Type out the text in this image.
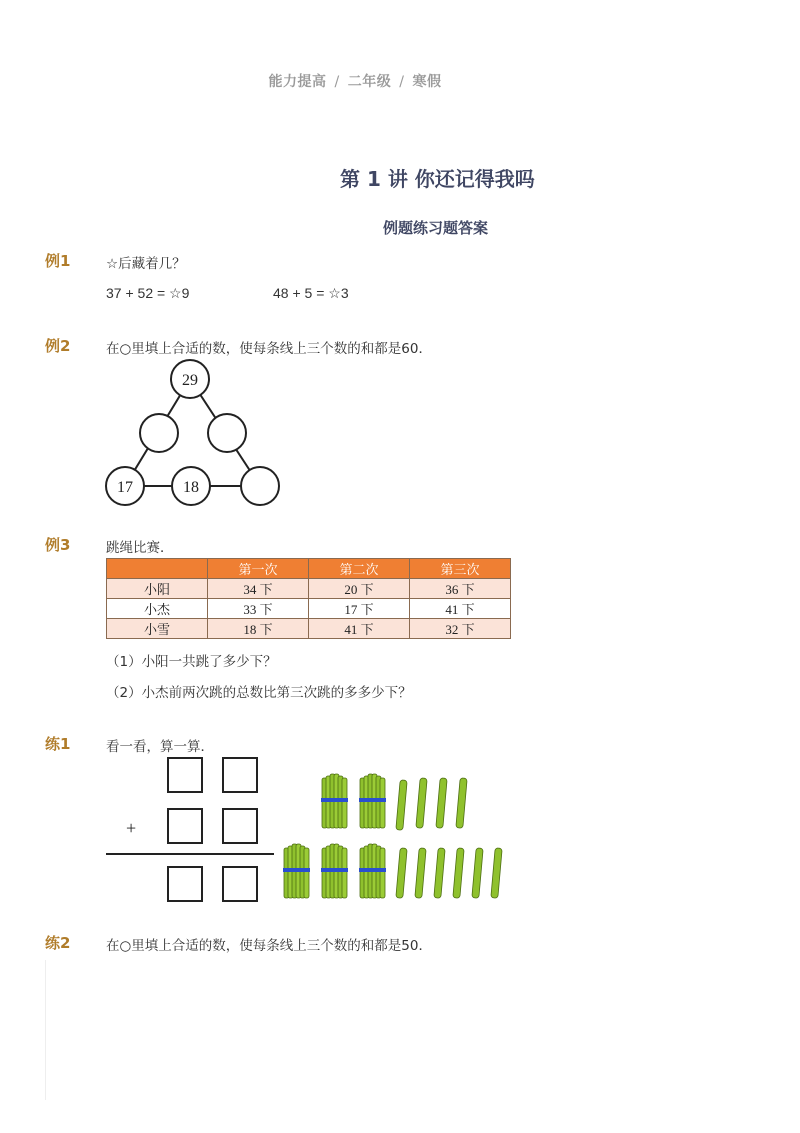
能力提高 / 二年级 / 寒假
第 1 讲 你还记得我吗
例题练习题答案
例1	☆后藏着几？
37 + 52 = ☆9	48 + 5 = ☆3
例2	在○里填上合适的数，使每条线上三个数的和都是60．
29
17	18
例3	跳绳比赛．
	第一次	第二次	第三次
小阳	34 下	20 下	36 下
小杰	33 下	17 下	41 下
小雪	18 下	41 下	32 下
（1）小阳一共跳了多少下？
（2）小杰前两次跳的总数比第三次跳的多多少下？
练1	看一看，算一算．
+
练2	在○里填上合适的数，使每条线上三个数的和都是50．
